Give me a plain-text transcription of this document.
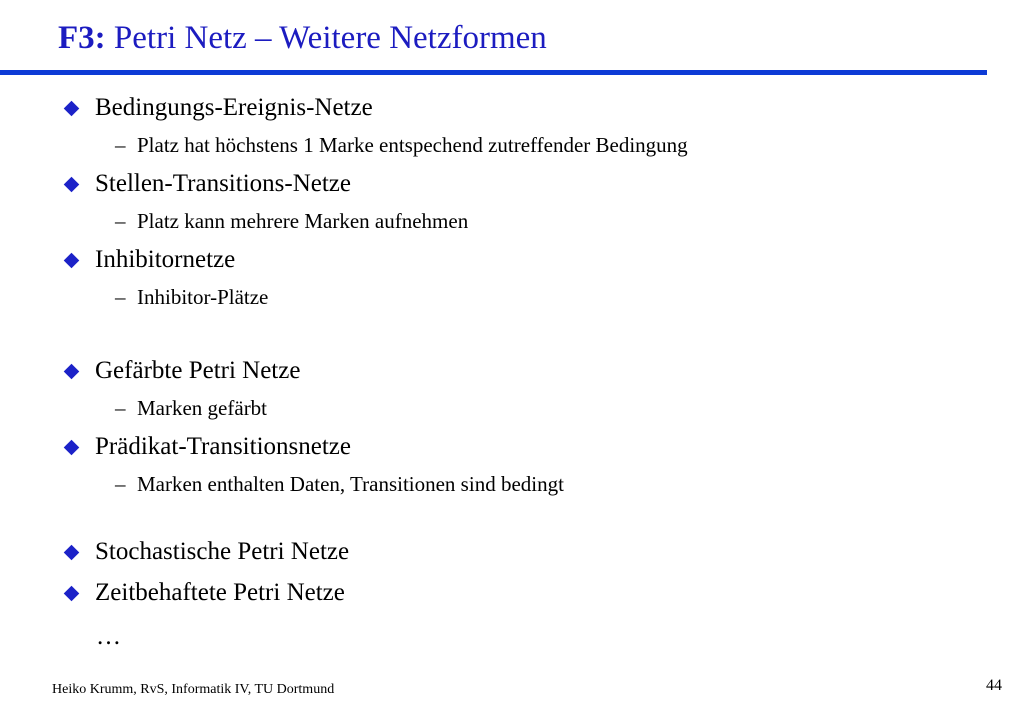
F3: Petri Netz – Weitere Netzformen
Bedingungs-Ereignis-Netze
– Platz hat höchstens 1 Marke entspechend zutreffender Bedingung
Stellen-Transitions-Netze
– Platz kann mehrere Marken aufnehmen
Inhibitornetze
– Inhibitor-Plätze
Gefärbte Petri Netze
– Marken gefärbt
Prädikat-Transitionsnetze
– Marken enthalten Daten, Transitionen sind bedingt
Stochastische Petri Netze
Zeitbehaftete Petri Netze
…
Heiko Krumm, RvS, Informatik IV, TU Dortmund	44
